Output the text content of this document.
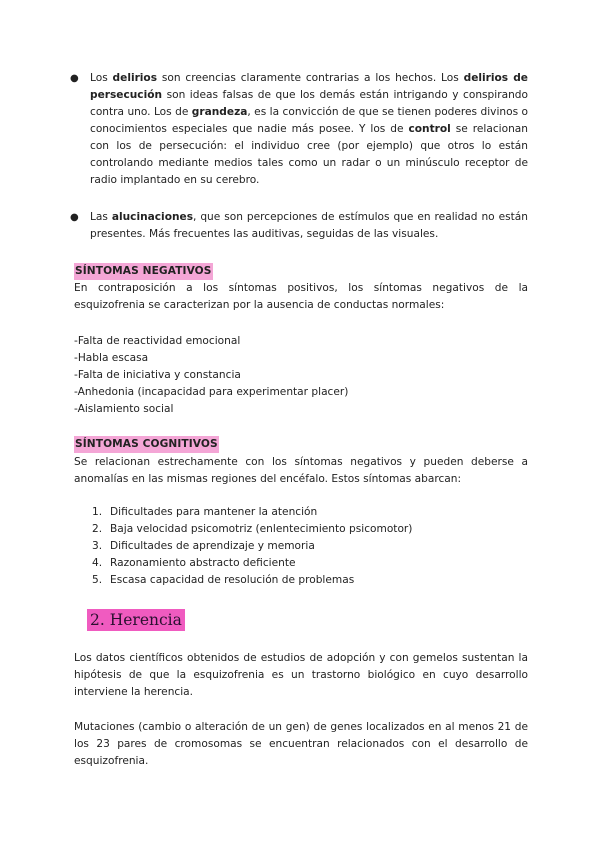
● Los delirios son creencias claramente contrarias a los hechos. Los delirios de persecución son ideas falsas de que los demás están intrigando y conspirando contra uno. Los de grandeza, es la convicción de que se tienen poderes divinos o conocimientos especiales que nadie más posee. Y los de control se relacionan con los de persecución: el individuo cree (por ejemplo) que otros lo están controlando mediante medios tales como un radar o un minúsculo receptor de radio implantado en su cerebro.
● Las alucinaciones, que son percepciones de estímulos que en realidad no están presentes. Más frecuentes las auditivas, seguidas de las visuales.
SÍNTOMAS NEGATIVOS
En contraposición a los síntomas positivos, los síntomas negativos de la esquizofrenia se caracterizan por la ausencia de conductas normales:
-Falta de reactividad emocional
-Habla escasa
-Falta de iniciativa y constancia
-Anhedonia (incapacidad para experimentar placer)
-Aislamiento social
SÍNTOMAS COGNITIVOS
Se relacionan estrechamente con los síntomas negativos y pueden deberse a anomalías en las mismas regiones del encéfalo. Estos síntomas abarcan:
1. Dificultades para mantener la atención
2. Baja velocidad psicomotriz (enlentecimiento psicomotor)
3. Dificultades de aprendizaje y memoria
4. Razonamiento abstracto deficiente
5. Escasa capacidad de resolución de problemas
2. Herencia
Los datos científicos obtenidos de estudios de adopción y con gemelos sustentan la hipótesis de que la esquizofrenia es un trastorno biológico en cuyo desarrollo interviene la herencia.
Mutaciones (cambio o alteración de un gen) de genes localizados en al menos 21 de los 23 pares de cromosomas se encuentran relacionados con el desarrollo de esquizofrenia.
